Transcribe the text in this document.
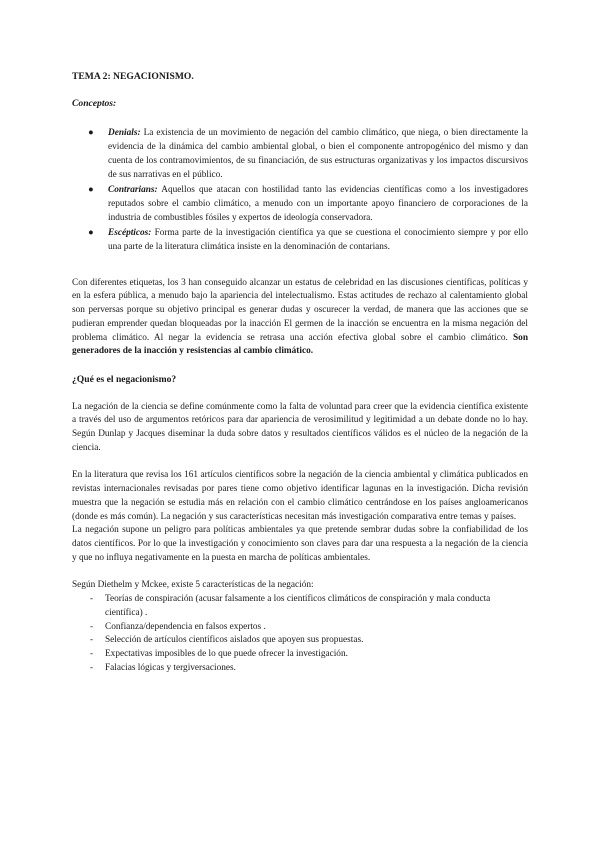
TEMA 2: NEGACIONISMO.
Conceptos:
● Denials: La existencia de un movimiento de negación del cambio climático, que niega, o bien directamente la evidencia de la dinámica del cambio ambiental global, o bien el componente antropogénico del mismo y dan cuenta de los contramovimientos, de su financiación, de sus estructuras organizativas y los impactos discursivos de sus narrativas en el público.
● Contrarians: Aquellos que atacan con hostilidad tanto las evidencias científicas como a los investigadores reputados sobre el cambio climático, a menudo con un importante apoyo financiero de corporaciones de la industria de combustibles fósiles y expertos de ideología conservadora.
● Escépticos: Forma parte de la investigación científica ya que se cuestiona el conocimiento siempre y por ello una parte de la literatura climática insiste en la denominación de contarians.

Con diferentes etiquetas, los 3 han conseguido alcanzar un estatus de celebridad en las discusiones científicas, políticas y en la esfera pública, a menudo bajo la apariencia del intelectualismo. Estas actitudes de rechazo al calentamiento global son perversas porque su objetivo principal es generar dudas y oscurecer la verdad, de manera que las acciones que se pudieran emprender quedan bloqueadas por la inacción El germen de la inacción se encuentra en la misma negación del problema climático. Al negar la evidencia se retrasa una acción efectiva global sobre el cambio climático. Son generadores de la inacción y resistencias al cambio climático.

¿Qué es el negacionismo?

La negación de la ciencia se define comúnmente como la falta de voluntad para creer que la evidencia científica existente a través del uso de argumentos retóricos para dar apariencia de verosimilitud y legitimidad a un debate donde no lo hay. Según Dunlap y Jacques diseminar la duda sobre datos y resultados científicos válidos es el núcleo de la negación de la ciencia.

En la literatura que revisa los 161 artículos científicos sobre la negación de la ciencia ambiental y climática publicados en revistas internacionales revisadas por pares tiene como objetivo identificar lagunas en la investigación. Dicha revisión muestra que la negación se estudia más en relación con el cambio climático centrándose en los países angloamericanos (donde es más común). La negación y sus características necesitan más investigación comparativa entre temas y países.

La negación supone un peligro para políticas ambientales ya que pretende sembrar dudas sobre la confiabilidad de los datos científicos. Por lo que la investigación y conocimiento son claves para dar una respuesta a la negación de la ciencia y que no influya negativamente en la puesta en marcha de políticas ambientales.

Según Diethelm y Mckee, existe 5 características de la negación:
- Teorías de conspiración (acusar falsamente a los científicos climáticos de conspiración y mala conducta científica) .
- Confianza/dependencia en falsos expertos .
- Selección de artículos científicos aislados que apoyen sus propuestas.
- Expectativas imposibles de lo que puede ofrecer la investigación.
- Falacias lógicas y tergiversaciones.
